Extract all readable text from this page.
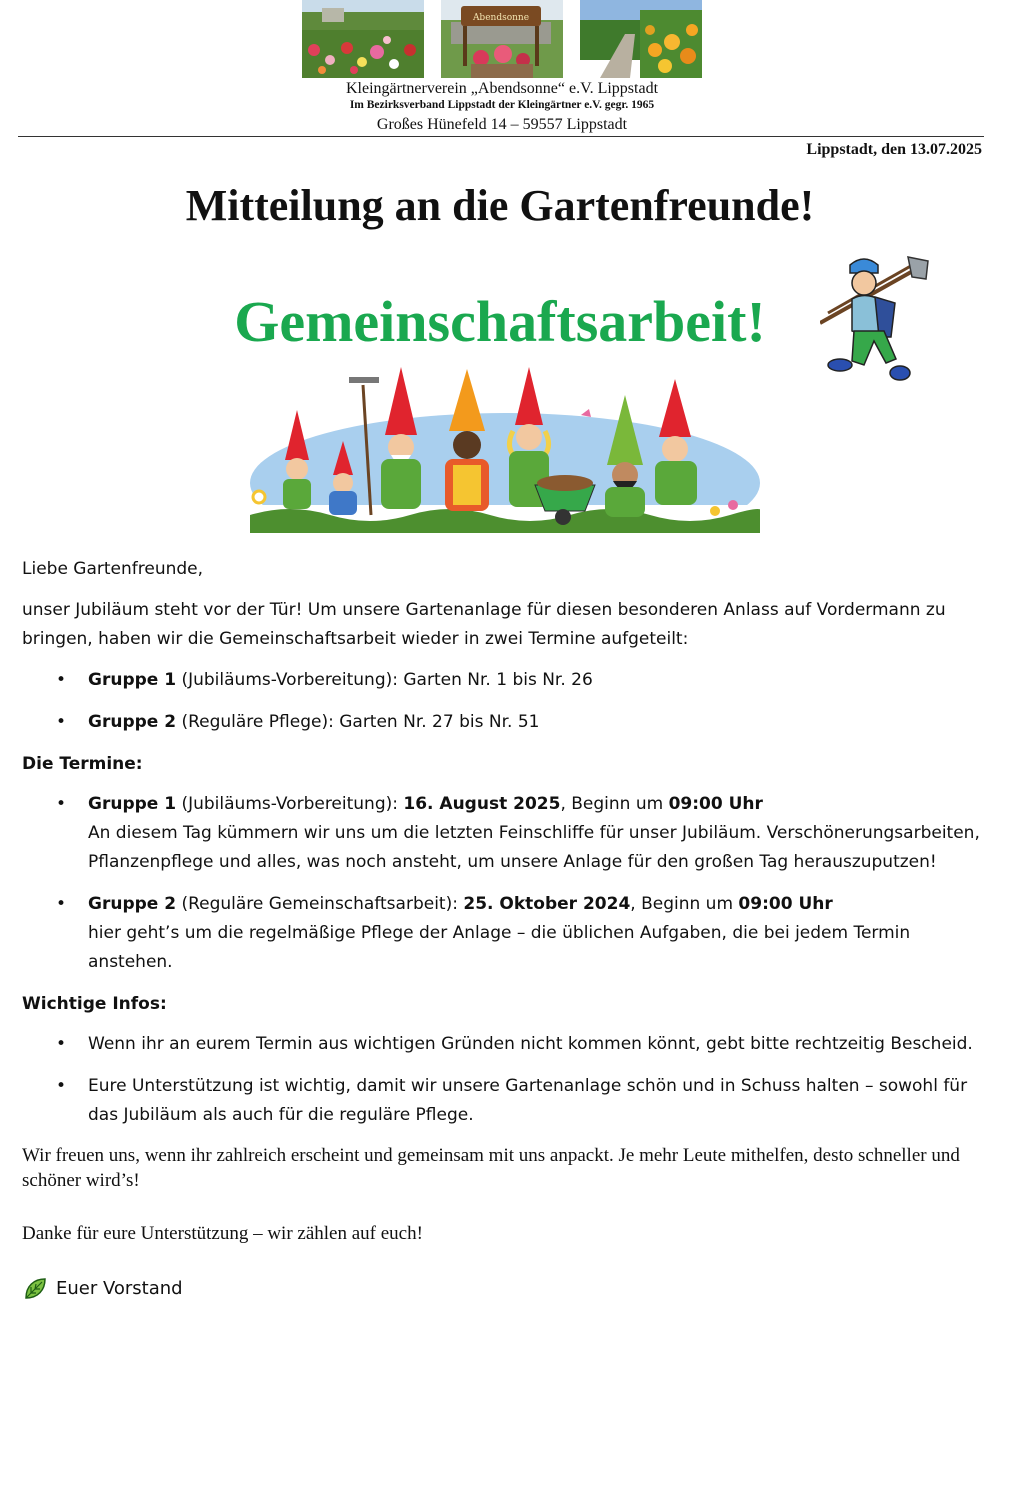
Abendsonne
Kleingärtnerverein „Abendsonne“ e.V. Lippstadt
Im Bezirksverband Lippstadt der Kleingärtner e.V. gegr. 1965
Großes Hünefeld 14 – 59557 Lippstadt
Lippstadt, den 13.07.2025
Mitteilung an die Gartenfreunde!
Gemeinschaftsarbeit!

Liebe Gartenfreunde,

unser Jubiläum steht vor der Tür! Um unsere Gartenanlage für diesen besonderen Anlass auf Vordermann zu bringen, haben wir die Gemeinschaftsarbeit wieder in zwei Termine aufgeteilt:

• Gruppe 1 (Jubiläums-Vorbereitung): Garten Nr. 1 bis Nr. 26
• Gruppe 2 (Reguläre Pflege): Garten Nr. 27 bis Nr. 51
Die Termine:
• Gruppe 1 (Jubiläums-Vorbereitung): 16. August 2025, Beginn um 09:00 Uhr
An diesem Tag kümmern wir uns um die letzten Feinschliffe für unser Jubiläum. Verschönerungsarbeiten, Pflanzenpflege und alles, was noch ansteht, um unsere Anlage für den großen Tag herauszuputzen!
• Gruppe 2 (Reguläre Gemeinschaftsarbeit): 25. Oktober 2024, Beginn um 09:00 Uhr
hier geht’s um die regelmäßige Pflege der Anlage – die üblichen Aufgaben, die bei jedem Termin anstehen.
Wichtige Infos:
• Wenn ihr an eurem Termin aus wichtigen Gründen nicht kommen könnt, gebt bitte rechtzeitig Bescheid.
• Eure Unterstützung ist wichtig, damit wir unsere Gartenanlage schön und in Schuss halten – sowohl für das Jubiläum als auch für die reguläre Pflege.

Wir freuen uns, wenn ihr zahlreich erscheint und gemeinsam mit uns anpackt. Je mehr Leute mithelfen, desto schneller und schöner wird’s!

Danke für eure Unterstützung – wir zählen auf euch!

Euer Vorstand
